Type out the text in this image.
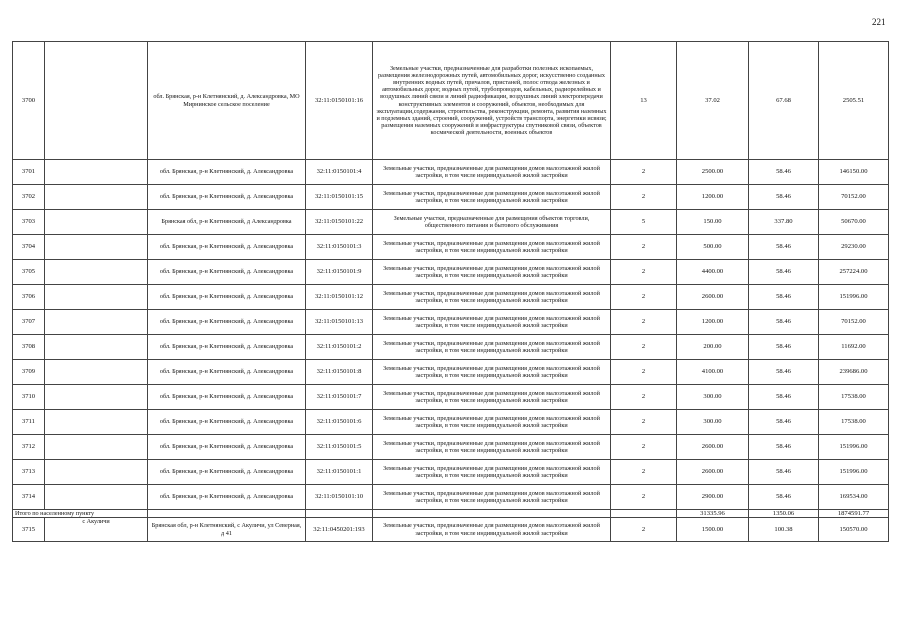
221
3700		обл. Брянская, р-н Клетнянский, д. Александровка, МО Мирнинское сельское поселение	32:11:0150101:16	Земельные участки, предназначенные для разработки полезных ископаемых, размещения железнодорожных путей, автомобильных дорог, искусственно созданных внутренних водных путей, причалов, пристаней, полос отвода железных и автомобильных дорог, водных путей, трубопроводов, кабельных, радиорелейных и воздушных линий связи и линий радиофикации, воздушных линий электропередачи конструктивных элементов и сооружений, объектов, необходимых для эксплуатации,содержания, строительства, реконструкции, ремонта, развития наземных и подземных зданий, строений, сооружений, устройств транспорта, энергетики исвязи; размещения наземных сооружений и инфраструктуры спутниковой связи, объектов космической деятельности, военных объектов	13	37.02	67.68	2505.51
3701		обл. Брянская, р-н Клетнянский, д. Александровка	32:11:0150101:4	Земельные участки, предназначенные для размещения домов малоэтажной жилой застройки, в том числе индивидуальной жилой застройки	2	2500.00	58.46	146150.00
3702		обл. Брянская, р-н Клетнянский, д. Александровка	32:11:0150101:15	Земельные участки, предназначенные для размещения домов малоэтажной жилой застройки, в том числе индивидуальной жилой застройки	2	1200.00	58.46	70152.00
3703		Брянская обл, р-н Клетнянский, д Александровка	32:11:0150101:22	Земельные участки, предназначенные для размещения объектов торговли, общественного питания и бытового обслуживания	5	150.00	337.80	50670.00
3704		обл. Брянская, р-н Клетнянский, д. Александровка	32:11:0150101:3	Земельные участки, предназначенные для размещения домов малоэтажной жилой застройки, в том числе индивидуальной жилой застройки	2	500.00	58.46	29230.00
3705		обл. Брянская, р-н Клетнянский, д. Александровка	32:11:0150101:9	Земельные участки, предназначенные для размещения домов малоэтажной жилой застройки, в том числе индивидуальной жилой застройки	2	4400.00	58.46	257224.00
3706		обл. Брянская, р-н Клетнянский, д. Александровка	32:11:0150101:12	Земельные участки, предназначенные для размещения домов малоэтажной жилой застройки, в том числе индивидуальной жилой застройки	2	2600.00	58.46	151996.00
3707		обл. Брянская, р-н Клетнянский, д. Александровка	32:11:0150101:13	Земельные участки, предназначенные для размещения домов малоэтажной жилой застройки, в том числе индивидуальной жилой застройки	2	1200.00	58.46	70152.00
3708		обл. Брянская, р-н Клетнянский, д. Александровка	32:11:0150101:2	Земельные участки, предназначенные для размещения домов малоэтажной жилой застройки, в том числе индивидуальной жилой застройки	2	200.00	58.46	11692.00
3709		обл. Брянская, р-н Клетнянский, д. Александровка	32:11:0150101:8	Земельные участки, предназначенные для размещения домов малоэтажной жилой застройки, в том числе индивидуальной жилой застройки	2	4100.00	58.46	239686.00
3710		обл. Брянская, р-н Клетнянский, д. Александровка	32:11:0150101:7	Земельные участки, предназначенные для размещения домов малоэтажной жилой застройки, в том числе индивидуальной жилой застройки	2	300.00	58.46	17538.00
3711		обл. Брянская, р-н Клетнянский, д. Александровка	32:11:0150101:6	Земельные участки, предназначенные для размещения домов малоэтажной жилой застройки, в том числе индивидуальной жилой застройки	2	300.00	58.46	17538.00
3712		обл. Брянская, р-н Клетнянский, д. Александровка	32:11:0150101:5	Земельные участки, предназначенные для размещения домов малоэтажной жилой застройки, в том числе индивидуальной жилой застройки	2	2600.00	58.46	151996.00
3713		обл. Брянская, р-н Клетнянский, д. Александровка	32:11:0150101:1	Земельные участки, предназначенные для размещения домов малоэтажной жилой застройки, в том числе индивидуальной жилой застройки	2	2600.00	58.46	151996.00
3714		обл. Брянская, р-н Клетнянский, д. Александровка	32:11:0150101:10	Земельные участки, предназначенные для размещения домов малоэтажной жилой застройки, в том числе индивидуальной жилой застройки	2	2900.00	58.46	169534.00
Итого по населенному пункту						31335.96	1350.06	1874591.77
3715	с Акуличи	Брянская обл, р-н Клетнянский, с Акуличи, ул Северная, д 41	32:11:0450201:193	Земельные участки, предназначенные для размещения домов малоэтажной жилой застройки, в том числе индивидуальной жилой застройки	2	1500.00	100.38	150570.00
